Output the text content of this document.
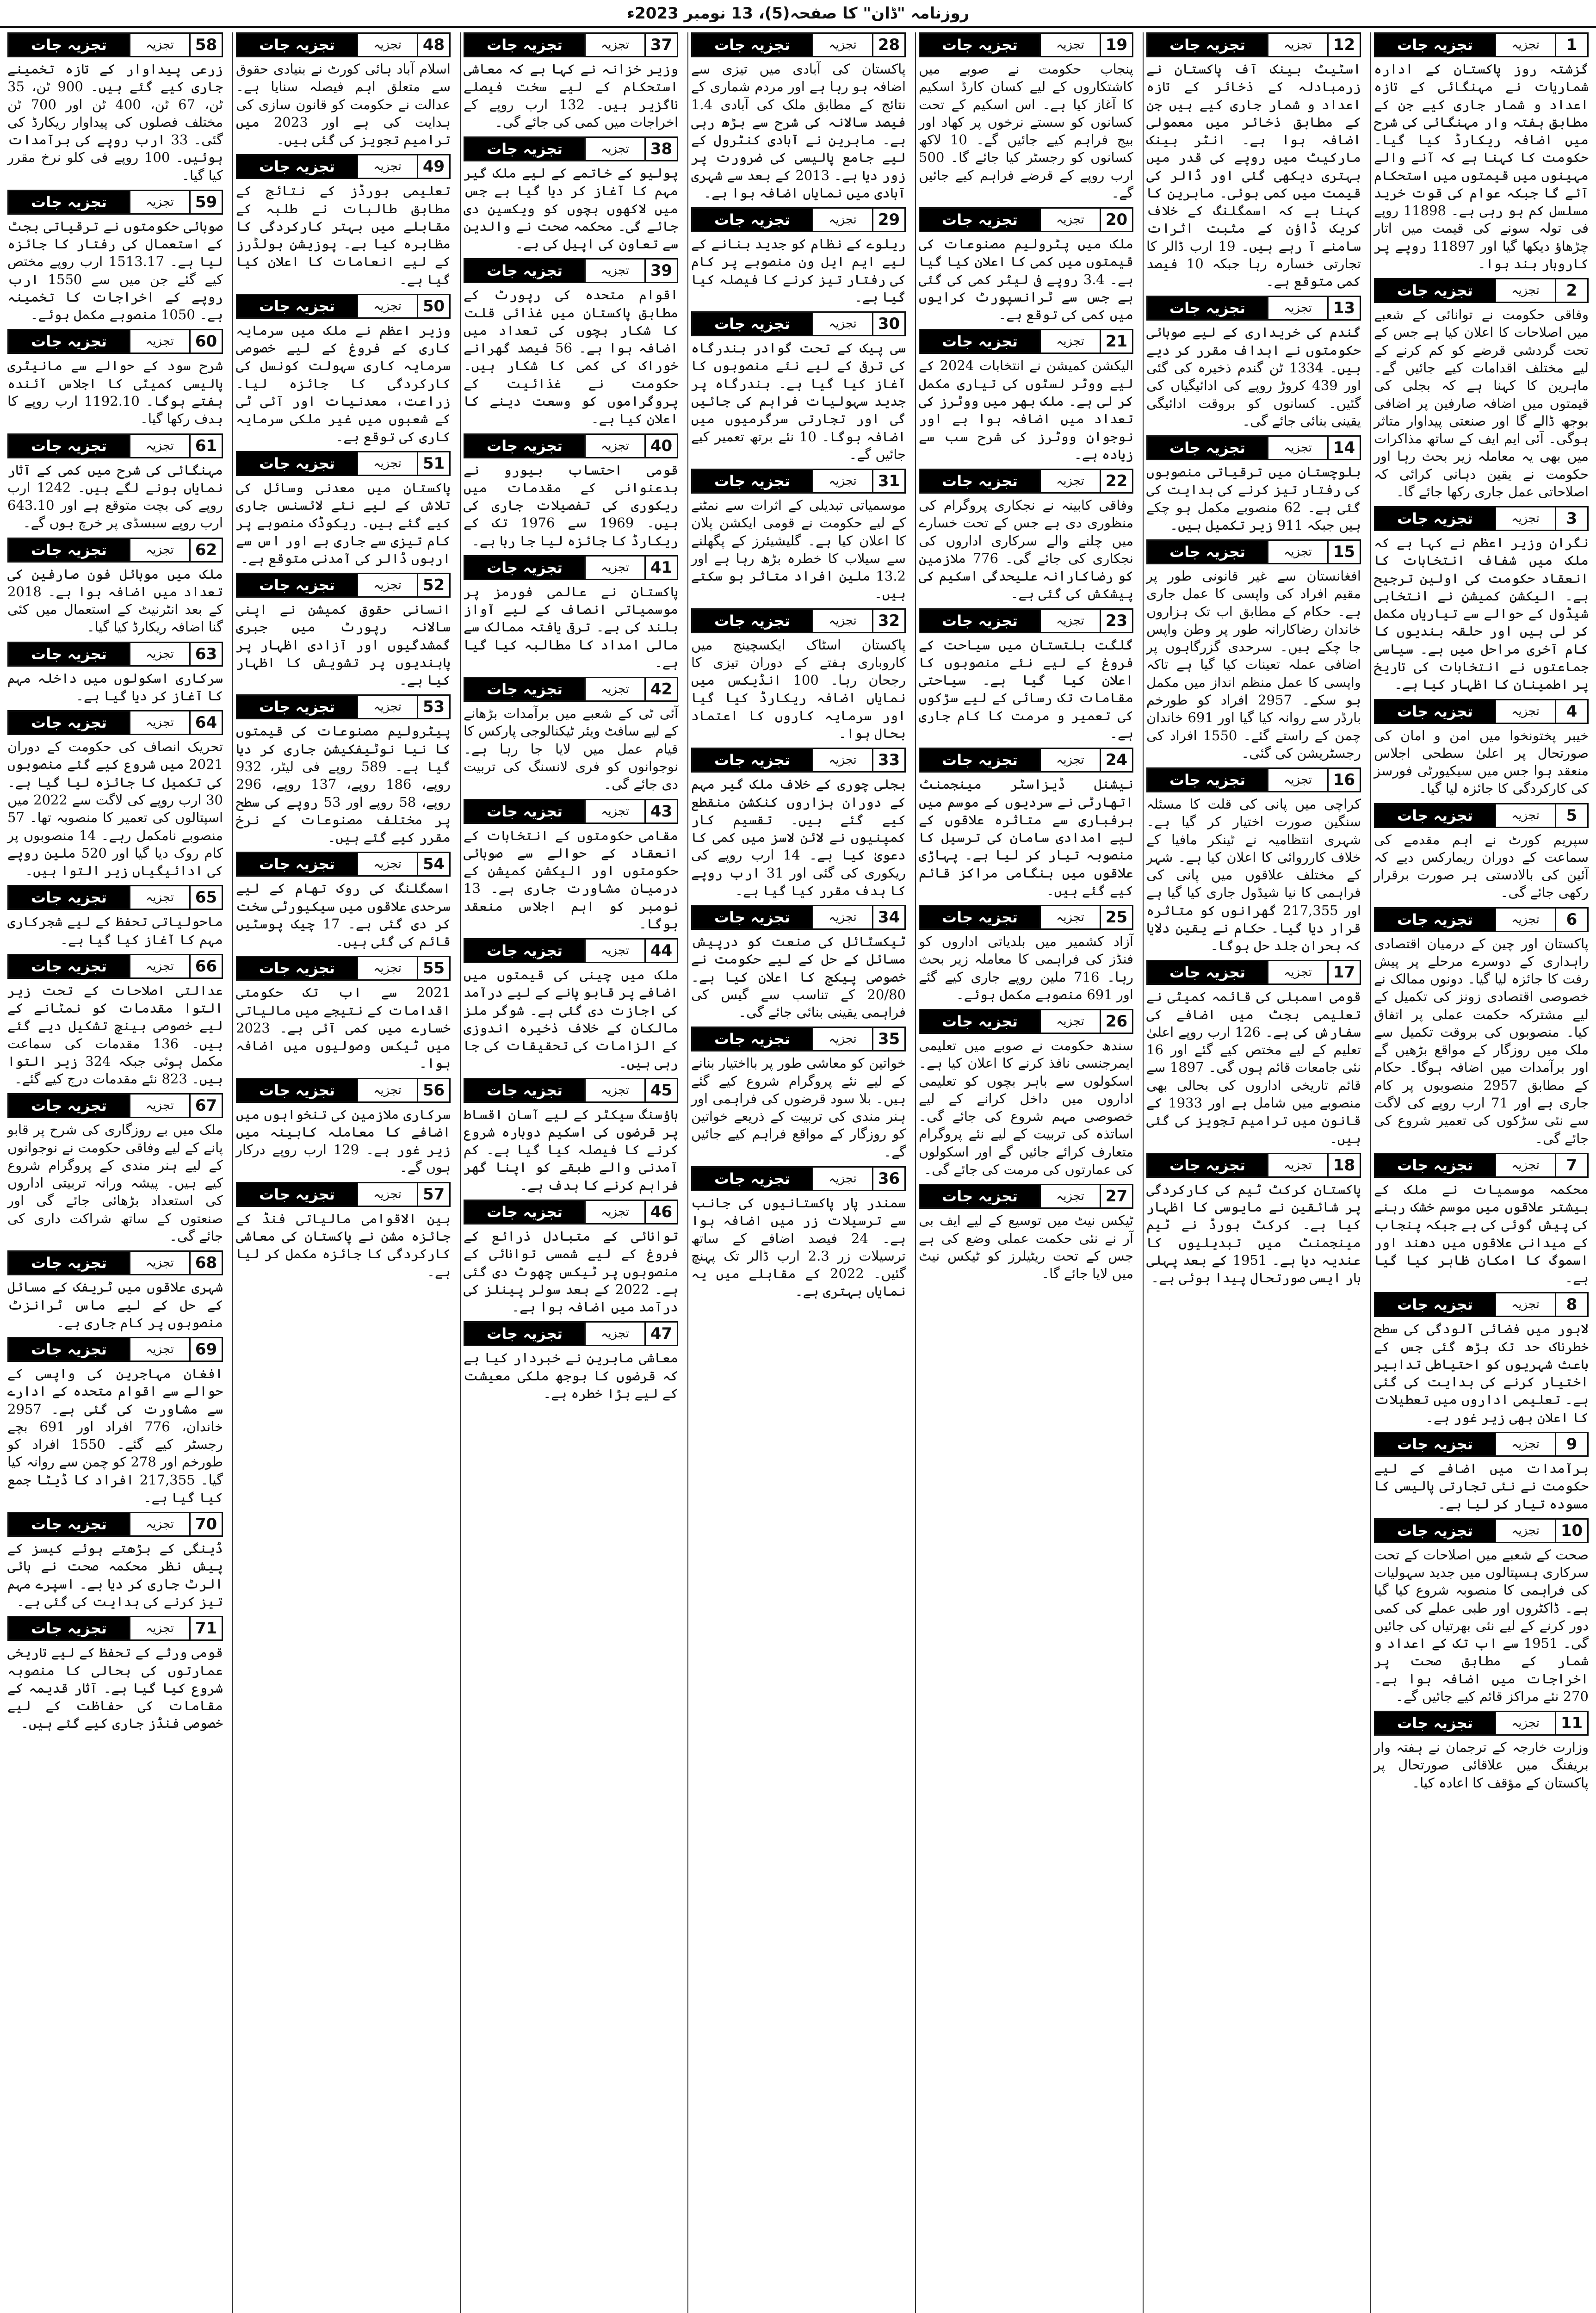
روزنامہ "ڈان" کا صفحہ(5)، 13 نومبر 2023ء
1
تجزیہ
تجزیہ جات

گزشتہ روز پاکستان کے ادارہ شماریات نے مہنگائی کے تازہ اعداد و شمار جاری کیے جن کے مطابق ہفتہ وار مہنگائی کی شرح میں اضافہ ریکارڈ کیا گیا۔ حکومت کا کہنا ہے کہ آنے والے مہینوں میں قیمتوں میں استحکام آئے گا جبکہ عوام کی قوت خرید مسلسل کم ہو رہی ہے۔ 11898 روپے فی تولہ سونے کی قیمت میں اتار چڑھاؤ دیکھا گیا اور 11897 روپے پر کاروبار بند ہوا۔

2
تجزیہ
تجزیہ جات

وفاقی حکومت نے توانائی کے شعبے میں اصلاحات کا اعلان کیا ہے جس کے تحت گردشی قرضے کو کم کرنے کے لیے مختلف اقدامات کیے جائیں گے۔ ماہرین کا کہنا ہے کہ بجلی کی قیمتوں میں اضافہ صارفین پر اضافی بوجھ ڈالے گا اور صنعتی پیداوار متاثر ہوگی۔ آئی ایم ایف کے ساتھ مذاکرات میں بھی یہ معاملہ زیر بحث رہا اور حکومت نے یقین دہانی کرائی کہ اصلاحاتی عمل جاری رکھا جائے گا۔

3
تجزیہ
تجزیہ جات

نگران وزیر اعظم نے کہا ہے کہ ملک میں شفاف انتخابات کا انعقاد حکومت کی اولین ترجیح ہے۔ الیکشن کمیشن نے انتخابی شیڈول کے حوالے سے تیاریاں مکمل کر لی ہیں اور حلقہ بندیوں کا کام آخری مراحل میں ہے۔ سیاسی جماعتوں نے انتخابات کی تاریخ پر اطمینان کا اظہار کیا ہے۔

4
تجزیہ
تجزیہ جات

خیبر پختونخوا میں امن و امان کی صورتحال پر اعلیٰ سطحی اجلاس منعقد ہوا جس میں سیکیورٹی فورسز کی کارکردگی کا جائزہ لیا گیا۔

5
تجزیہ
تجزیہ جات

سپریم کورٹ نے اہم مقدمے کی سماعت کے دوران ریمارکس دیے کہ آئین کی بالادستی ہر صورت برقرار رکھی جائے گی۔

6
تجزیہ
تجزیہ جات

پاکستان اور چین کے درمیان اقتصادی راہداری کے دوسرے مرحلے پر پیش رفت کا جائزہ لیا گیا۔ دونوں ممالک نے خصوصی اقتصادی زونز کی تکمیل کے لیے مشترکہ حکمت عملی پر اتفاق کیا۔ منصوبوں کی بروقت تکمیل سے ملک میں روزگار کے مواقع بڑھیں گے اور برآمدات میں اضافہ ہوگا۔ حکام کے مطابق 2957 منصوبوں پر کام جاری ہے اور 71 ارب روپے کی لاگت سے نئی سڑکوں کی تعمیر شروع کی جائے گی۔

7
تجزیہ
تجزیہ جات

محکمہ موسمیات نے ملک کے بیشتر علاقوں میں موسم خشک رہنے کی پیش گوئی کی ہے جبکہ پنجاب کے میدانی علاقوں میں دھند اور اسموگ کا امکان ظاہر کیا گیا ہے۔

8
تجزیہ
تجزیہ جات

لاہور میں فضائی آلودگی کی سطح خطرناک حد تک بڑھ گئی جس کے باعث شہریوں کو احتیاطی تدابیر اختیار کرنے کی ہدایت کی گئی ہے۔ تعلیمی اداروں میں تعطیلات کا اعلان بھی زیر غور ہے۔

9
تجزیہ
تجزیہ جات

برآمدات میں اضافے کے لیے حکومت نے نئی تجارتی پالیسی کا مسودہ تیار کر لیا ہے۔

10
تجزیہ
تجزیہ جات

صحت کے شعبے میں اصلاحات کے تحت سرکاری ہسپتالوں میں جدید سہولیات کی فراہمی کا منصوبہ شروع کیا گیا ہے۔ ڈاکٹروں اور طبی عملے کی کمی دور کرنے کے لیے نئی بھرتیاں کی جائیں گی۔ 1951 سے اب تک کے اعداد و شمار کے مطابق صحت پر اخراجات میں اضافہ ہوا ہے۔ 270 نئے مراکز قائم کیے جائیں گے۔

11
تجزیہ
تجزیہ جات

وزارت خارجہ کے ترجمان نے ہفتہ وار بریفنگ میں علاقائی صورتحال پر پاکستان کے مؤقف کا اعادہ کیا۔

12
تجزیہ
تجزیہ جات

اسٹیٹ بینک آف پاکستان نے زرمبادلہ کے ذخائر کے تازہ اعداد و شمار جاری کیے ہیں جن کے مطابق ذخائر میں معمولی اضافہ ہوا ہے۔ انٹر بینک مارکیٹ میں روپے کی قدر میں بہتری دیکھی گئی اور ڈالر کی قیمت میں کمی ہوئی۔ ماہرین کا کہنا ہے کہ اسمگلنگ کے خلاف کریک ڈاؤن کے مثبت اثرات سامنے آ رہے ہیں۔ 19 ارب ڈالر کا تجارتی خسارہ رہا جبکہ 10 فیصد کمی متوقع ہے۔

13
تجزیہ
تجزیہ جات

گندم کی خریداری کے لیے صوبائی حکومتوں نے اہداف مقرر کر دیے ہیں۔ 1334 ٹن گندم ذخیرہ کی گئی اور 439 کروڑ روپے کی ادائیگیاں کی گئیں۔ کسانوں کو بروقت ادائیگی یقینی بنائی جائے گی۔

14
تجزیہ
تجزیہ جات

بلوچستان میں ترقیاتی منصوبوں کی رفتار تیز کرنے کی ہدایت کی گئی ہے۔ 62 منصوبے مکمل ہو چکے ہیں جبکہ 911 زیر تکمیل ہیں۔

15
تجزیہ
تجزیہ جات

افغانستان سے غیر قانونی طور پر مقیم افراد کی واپسی کا عمل جاری ہے۔ حکام کے مطابق اب تک ہزاروں خاندان رضاکارانہ طور پر وطن واپس جا چکے ہیں۔ سرحدی گزرگاہوں پر اضافی عملہ تعینات کیا گیا ہے تاکہ واپسی کا عمل منظم انداز میں مکمل ہو سکے۔ 2957 افراد کو طورخم بارڈر سے روانہ کیا گیا اور 691 خاندان چمن کے راستے گئے۔ 1550 افراد کی رجسٹریشن کی گئی۔

16
تجزیہ
تجزیہ جات

کراچی میں پانی کی قلت کا مسئلہ سنگین صورت اختیار کر گیا ہے۔ شہری انتظامیہ نے ٹینکر مافیا کے خلاف کارروائی کا اعلان کیا ہے۔ شہر کے مختلف علاقوں میں پانی کی فراہمی کا نیا شیڈول جاری کیا گیا ہے اور 217,355 گھرانوں کو متاثرہ قرار دیا گیا۔ حکام نے یقین دلایا کہ بحران جلد حل ہوگا۔

17
تجزیہ
تجزیہ جات

قومی اسمبلی کی قائمہ کمیٹی نے تعلیمی بجٹ میں اضافے کی سفارش کی ہے۔ 126 ارب روپے اعلیٰ تعلیم کے لیے مختص کیے گئے اور 16 نئی جامعات قائم ہوں گی۔ 1897 سے قائم تاریخی اداروں کی بحالی بھی منصوبے میں شامل ہے اور 1933 کے قانون میں ترامیم تجویز کی گئی ہیں۔

18
تجزیہ
تجزیہ جات

پاکستان کرکٹ ٹیم کی کارکردگی پر شائقین نے مایوسی کا اظہار کیا ہے۔ کرکٹ بورڈ نے ٹیم مینجمنٹ میں تبدیلیوں کا عندیہ دیا ہے۔ 1951 کے بعد پہلی بار ایسی صورتحال پیدا ہوئی ہے۔

19
تجزیہ
تجزیہ جات

پنجاب حکومت نے صوبے میں کاشتکاروں کے لیے کسان کارڈ اسکیم کا آغاز کیا ہے۔ اس اسکیم کے تحت کسانوں کو سستے نرخوں پر کھاد اور بیج فراہم کیے جائیں گے۔ 10 لاکھ کسانوں کو رجسٹر کیا جائے گا۔ 500 ارب روپے کے قرضے فراہم کیے جائیں گے۔

20
تجزیہ
تجزیہ جات

ملک میں پٹرولیم مصنوعات کی قیمتوں میں کمی کا اعلان کیا گیا ہے۔ 3.4 روپے فی لیٹر کمی کی گئی ہے جس سے ٹرانسپورٹ کرایوں میں کمی کی توقع ہے۔

21
تجزیہ
تجزیہ جات

الیکشن کمیشن نے انتخابات 2024 کے لیے ووٹر لسٹوں کی تیاری مکمل کر لی ہے۔ ملک بھر میں ووٹرز کی تعداد میں اضافہ ہوا ہے اور نوجوان ووٹرز کی شرح سب سے زیادہ ہے۔

22
تجزیہ
تجزیہ جات

وفاقی کابینہ نے نجکاری پروگرام کی منظوری دی ہے جس کے تحت خسارے میں چلنے والے سرکاری اداروں کی نجکاری کی جائے گی۔ 776 ملازمین کو رضاکارانہ علیحدگی اسکیم کی پیشکش کی گئی ہے۔

23
تجزیہ
تجزیہ جات

گلگت بلتستان میں سیاحت کے فروغ کے لیے نئے منصوبوں کا اعلان کیا گیا ہے۔ سیاحتی مقامات تک رسائی کے لیے سڑکوں کی تعمیر و مرمت کا کام جاری ہے۔

24
تجزیہ
تجزیہ جات

نیشنل ڈیزاسٹر مینجمنٹ اتھارٹی نے سردیوں کے موسم میں برفباری سے متاثرہ علاقوں کے لیے امدادی سامان کی ترسیل کا منصوبہ تیار کر لیا ہے۔ پہاڑی علاقوں میں ہنگامی مراکز قائم کیے گئے ہیں۔

25
تجزیہ
تجزیہ جات

آزاد کشمیر میں بلدیاتی اداروں کو فنڈز کی فراہمی کا معاملہ زیر بحث رہا۔ 716 ملین روپے جاری کیے گئے اور 691 منصوبے مکمل ہوئے۔

26
تجزیہ
تجزیہ جات

سندھ حکومت نے صوبے میں تعلیمی ایمرجنسی نافذ کرنے کا اعلان کیا ہے۔ اسکولوں سے باہر بچوں کو تعلیمی اداروں میں داخل کرانے کے لیے خصوصی مہم شروع کی جائے گی۔ اساتذہ کی تربیت کے لیے نئے پروگرام متعارف کرائے جائیں گے اور اسکولوں کی عمارتوں کی مرمت کی جائے گی۔

27
تجزیہ
تجزیہ جات

ٹیکس نیٹ میں توسیع کے لیے ایف بی آر نے نئی حکمت عملی وضع کی ہے جس کے تحت ریٹیلرز کو ٹیکس نیٹ میں لایا جائے گا۔

28
تجزیہ
تجزیہ جات

پاکستان کی آبادی میں تیزی سے اضافہ ہو رہا ہے اور مردم شماری کے نتائج کے مطابق ملک کی آبادی 1.4 فیصد سالانہ کی شرح سے بڑھ رہی ہے۔ ماہرین نے آبادی کنٹرول کے لیے جامع پالیسی کی ضرورت پر زور دیا ہے۔ 2013 کے بعد سے شہری آبادی میں نمایاں اضافہ ہوا ہے۔

29
تجزیہ
تجزیہ جات

ریلوے کے نظام کو جدید بنانے کے لیے ایم ایل ون منصوبے پر کام کی رفتار تیز کرنے کا فیصلہ کیا گیا ہے۔

30
تجزیہ
تجزیہ جات

سی پیک کے تحت گوادر بندرگاہ کی ترقی کے لیے نئے منصوبوں کا آغاز کیا گیا ہے۔ بندرگاہ پر جدید سہولیات فراہم کی جائیں گی اور تجارتی سرگرمیوں میں اضافہ ہوگا۔ 10 نئے برتھ تعمیر کیے جائیں گے۔

31
تجزیہ
تجزیہ جات

موسمیاتی تبدیلی کے اثرات سے نمٹنے کے لیے حکومت نے قومی ایکشن پلان کا اعلان کیا ہے۔ گلیشیئرز کے پگھلنے سے سیلاب کا خطرہ بڑھ رہا ہے اور 13.2 ملین افراد متاثر ہو سکتے ہیں۔

32
تجزیہ
تجزیہ جات

پاکستان اسٹاک ایکسچینج میں کاروباری ہفتے کے دوران تیزی کا رجحان رہا۔ 100 انڈیکس میں نمایاں اضافہ ریکارڈ کیا گیا اور سرمایہ کاروں کا اعتماد بحال ہوا۔

33
تجزیہ
تجزیہ جات

بجلی چوری کے خلاف ملک گیر مہم کے دوران ہزاروں کنکشن منقطع کیے گئے ہیں۔ تقسیم کار کمپنیوں نے لائن لاسز میں کمی کا دعویٰ کیا ہے۔ 14 ارب روپے کی ریکوری کی گئی اور 31 ارب روپے کا ہدف مقرر کیا گیا ہے۔

34
تجزیہ
تجزیہ جات

ٹیکسٹائل کی صنعت کو درپیش مسائل کے حل کے لیے حکومت نے خصوصی پیکج کا اعلان کیا ہے۔ 20/80 کے تناسب سے گیس کی فراہمی یقینی بنائی جائے گی۔

35
تجزیہ
تجزیہ جات

خواتین کو معاشی طور پر بااختیار بنانے کے لیے نئے پروگرام شروع کیے گئے ہیں۔ بلا سود قرضوں کی فراہمی اور ہنر مندی کی تربیت کے ذریعے خواتین کو روزگار کے مواقع فراہم کیے جائیں گے۔

36
تجزیہ
تجزیہ جات

سمندر پار پاکستانیوں کی جانب سے ترسیلات زر میں اضافہ ہوا ہے۔ 24 فیصد اضافے کے ساتھ ترسیلات زر 2.3 ارب ڈالر تک پہنچ گئیں۔ 2022 کے مقابلے میں یہ نمایاں بہتری ہے۔

37
تجزیہ
تجزیہ جات

وزیر خزانہ نے کہا ہے کہ معاشی استحکام کے لیے سخت فیصلے ناگزیر ہیں۔ 132 ارب روپے کے اخراجات میں کمی کی جائے گی۔

38
تجزیہ
تجزیہ جات

پولیو کے خاتمے کے لیے ملک گیر مہم کا آغاز کر دیا گیا ہے جس میں لاکھوں بچوں کو ویکسین دی جائے گی۔ محکمہ صحت نے والدین سے تعاون کی اپیل کی ہے۔

39
تجزیہ
تجزیہ جات

اقوام متحدہ کی رپورٹ کے مطابق پاکستان میں غذائی قلت کا شکار بچوں کی تعداد میں اضافہ ہوا ہے۔ 56 فیصد گھرانے خوراک کی کمی کا شکار ہیں۔ حکومت نے غذائیت کے پروگراموں کو وسعت دینے کا اعلان کیا ہے۔

40
تجزیہ
تجزیہ جات

قومی احتساب بیورو نے بدعنوانی کے مقدمات میں ریکوری کی تفصیلات جاری کی ہیں۔ 1969 سے 1976 تک کے ریکارڈ کا جائزہ لیا جا رہا ہے۔

41
تجزیہ
تجزیہ جات

پاکستان نے عالمی فورمز پر موسمیاتی انصاف کے لیے آواز بلند کی ہے۔ ترقی یافتہ ممالک سے مالی امداد کا مطالبہ کیا گیا ہے۔

42
تجزیہ
تجزیہ جات

آئی ٹی کے شعبے میں برآمدات بڑھانے کے لیے سافٹ ویئر ٹیکنالوجی پارکس کا قیام عمل میں لایا جا رہا ہے۔ نوجوانوں کو فری لانسنگ کی تربیت دی جائے گی۔

43
تجزیہ
تجزیہ جات

مقامی حکومتوں کے انتخابات کے انعقاد کے حوالے سے صوبائی حکومتوں اور الیکشن کمیشن کے درمیان مشاورت جاری ہے۔ 13 نومبر کو اہم اجلاس منعقد ہوگا۔

44
تجزیہ
تجزیہ جات

ملک میں چینی کی قیمتوں میں اضافے پر قابو پانے کے لیے درآمد کی اجازت دی گئی ہے۔ شوگر ملز مالکان کے خلاف ذخیرہ اندوزی کے الزامات کی تحقیقات کی جا رہی ہیں۔

45
تجزیہ
تجزیہ جات

ہاؤسنگ سیکٹر کے لیے آسان اقساط پر قرضوں کی اسکیم دوبارہ شروع کرنے کا فیصلہ کیا گیا ہے۔ کم آمدنی والے طبقے کو اپنا گھر فراہم کرنے کا ہدف ہے۔

46
تجزیہ
تجزیہ جات

توانائی کے متبادل ذرائع کے فروغ کے لیے شمسی توانائی کے منصوبوں پر ٹیکس چھوٹ دی گئی ہے۔ 2022 کے بعد سولر پینلز کی درآمد میں اضافہ ہوا ہے۔

47
تجزیہ
تجزیہ جات

معاشی ماہرین نے خبردار کیا ہے کہ قرضوں کا بوجھ ملکی معیشت کے لیے بڑا خطرہ ہے۔

48
تجزیہ
تجزیہ جات

اسلام آباد ہائی کورٹ نے بنیادی حقوق سے متعلق اہم فیصلہ سنایا ہے۔ عدالت نے حکومت کو قانون سازی کی ہدایت کی ہے اور 2023 میں ترامیم تجویز کی گئی ہیں۔

49
تجزیہ
تجزیہ جات

تعلیمی بورڈز کے نتائج کے مطابق طالبات نے طلبہ کے مقابلے میں بہتر کارکردگی کا مظاہرہ کیا ہے۔ پوزیشن ہولڈرز کے لیے انعامات کا اعلان کیا گیا ہے۔

50
تجزیہ
تجزیہ جات

وزیر اعظم نے ملک میں سرمایہ کاری کے فروغ کے لیے خصوصی سرمایہ کاری سہولت کونسل کی کارکردگی کا جائزہ لیا۔ زراعت، معدنیات اور آئی ٹی کے شعبوں میں غیر ملکی سرمایہ کاری کی توقع ہے۔

51
تجزیہ
تجزیہ جات

پاکستان میں معدنی وسائل کی تلاش کے لیے نئے لائسنس جاری کیے گئے ہیں۔ ریکوڈک منصوبے پر کام تیزی سے جاری ہے اور اس سے اربوں ڈالر کی آمدنی متوقع ہے۔

52
تجزیہ
تجزیہ جات

انسانی حقوق کمیشن نے اپنی سالانہ رپورٹ میں جبری گمشدگیوں اور آزادی اظہار پر پابندیوں پر تشویش کا اظہار کیا ہے۔

53
تجزیہ
تجزیہ جات

پیٹرولیم مصنوعات کی قیمتوں کا نیا نوٹیفکیشن جاری کر دیا گیا ہے۔ 589 روپے فی لیٹر، 932 روپے، 186 روپے، 137 روپے، 296 روپے، 58 روپے اور 53 روپے کی سطح پر مختلف مصنوعات کے نرخ مقرر کیے گئے ہیں۔

54
تجزیہ
تجزیہ جات

اسمگلنگ کی روک تھام کے لیے سرحدی علاقوں میں سیکیورٹی سخت کر دی گئی ہے۔ 17 چیک پوسٹیں قائم کی گئی ہیں۔

55
تجزیہ
تجزیہ جات

2021 سے اب تک حکومتی اقدامات کے نتیجے میں مالیاتی خسارے میں کمی آئی ہے۔ 2023 میں ٹیکس وصولیوں میں اضافہ ہوا۔

56
تجزیہ
تجزیہ جات

سرکاری ملازمین کی تنخواہوں میں اضافے کا معاملہ کابینہ میں زیر غور ہے۔ 129 ارب روپے درکار ہوں گے۔

57
تجزیہ
تجزیہ جات

بین الاقوامی مالیاتی فنڈ کے جائزہ مشن نے پاکستان کی معاشی کارکردگی کا جائزہ مکمل کر لیا ہے۔

58
تجزیہ
تجزیہ جات

زرعی پیداوار کے تازہ تخمینے جاری کیے گئے ہیں۔ 900 ٹن، 35 ٹن، 67 ٹن، 400 ٹن اور 700 ٹن مختلف فصلوں کی پیداوار ریکارڈ کی گئی۔ 33 ارب روپے کی برآمدات ہوئیں۔ 100 روپے فی کلو نرخ مقرر کیا گیا۔

59
تجزیہ
تجزیہ جات

صوبائی حکومتوں نے ترقیاتی بجٹ کے استعمال کی رفتار کا جائزہ لیا ہے۔ 1513.17 ارب روپے مختص کیے گئے جن میں سے 1550 ارب روپے کے اخراجات کا تخمینہ ہے۔ 1050 منصوبے مکمل ہوئے۔

60
تجزیہ
تجزیہ جات

شرح سود کے حوالے سے مانیٹری پالیسی کمیٹی کا اجلاس آئندہ ہفتے ہوگا۔ 1192.10 ارب روپے کا ہدف رکھا گیا۔

61
تجزیہ
تجزیہ جات

مہنگائی کی شرح میں کمی کے آثار نمایاں ہونے لگے ہیں۔ 1242 ارب روپے کی بچت متوقع ہے اور 643.10 ارب روپے سبسڈی پر خرچ ہوں گے۔

62
تجزیہ
تجزیہ جات

ملک میں موبائل فون صارفین کی تعداد میں اضافہ ہوا ہے۔ 2018 کے بعد انٹرنیٹ کے استعمال میں کئی گنا اضافہ ریکارڈ کیا گیا۔

63
تجزیہ
تجزیہ جات

سرکاری اسکولوں میں داخلہ مہم کا آغاز کر دیا گیا ہے۔

64
تجزیہ
تجزیہ جات

تحریک انصاف کی حکومت کے دوران 2021 میں شروع کیے گئے منصوبوں کی تکمیل کا جائزہ لیا گیا ہے۔ 30 ارب روپے کی لاگت سے 2022 میں اسپتالوں کی تعمیر کا منصوبہ تھا۔ 57 منصوبے نامکمل رہے۔ 14 منصوبوں پر کام روک دیا گیا اور 520 ملین روپے کی ادائیگیاں زیر التوا ہیں۔

65
تجزیہ
تجزیہ جات

ماحولیاتی تحفظ کے لیے شجرکاری مہم کا آغاز کیا گیا ہے۔

66
تجزیہ
تجزیہ جات

عدالتی اصلاحات کے تحت زیر التوا مقدمات کو نمٹانے کے لیے خصوصی بینچ تشکیل دیے گئے ہیں۔ 136 مقدمات کی سماعت مکمل ہوئی جبکہ 324 زیر التوا ہیں۔ 823 نئے مقدمات درج کیے گئے۔

67
تجزیہ
تجزیہ جات

ملک میں بے روزگاری کی شرح پر قابو پانے کے لیے وفاقی حکومت نے نوجوانوں کے لیے ہنر مندی کے پروگرام شروع کیے ہیں۔ پیشہ ورانہ تربیتی اداروں کی استعداد بڑھائی جائے گی اور صنعتوں کے ساتھ شراکت داری کی جائے گی۔

68
تجزیہ
تجزیہ جات

شہری علاقوں میں ٹریفک کے مسائل کے حل کے لیے ماس ٹرانزٹ منصوبوں پر کام جاری ہے۔

69
تجزیہ
تجزیہ جات

افغان مہاجرین کی واپسی کے حوالے سے اقوام متحدہ کے ادارے سے مشاورت کی گئی ہے۔ 2957 خاندان، 776 افراد اور 691 بچے رجسٹر کیے گئے۔ 1550 افراد کو طورخم اور 278 کو چمن سے روانہ کیا گیا۔ 217,355 افراد کا ڈیٹا جمع کیا گیا ہے۔

70
تجزیہ
تجزیہ جات

ڈینگی کے بڑھتے ہوئے کیسز کے پیش نظر محکمہ صحت نے ہائی الرٹ جاری کر دیا ہے۔ اسپرے مہم تیز کرنے کی ہدایت کی گئی ہے۔

71
تجزیہ
تجزیہ جات

قومی ورثے کے تحفظ کے لیے تاریخی عمارتوں کی بحالی کا منصوبہ شروع کیا گیا ہے۔ آثار قدیمہ کے مقامات کی حفاظت کے لیے خصوصی فنڈز جاری کیے گئے ہیں۔
